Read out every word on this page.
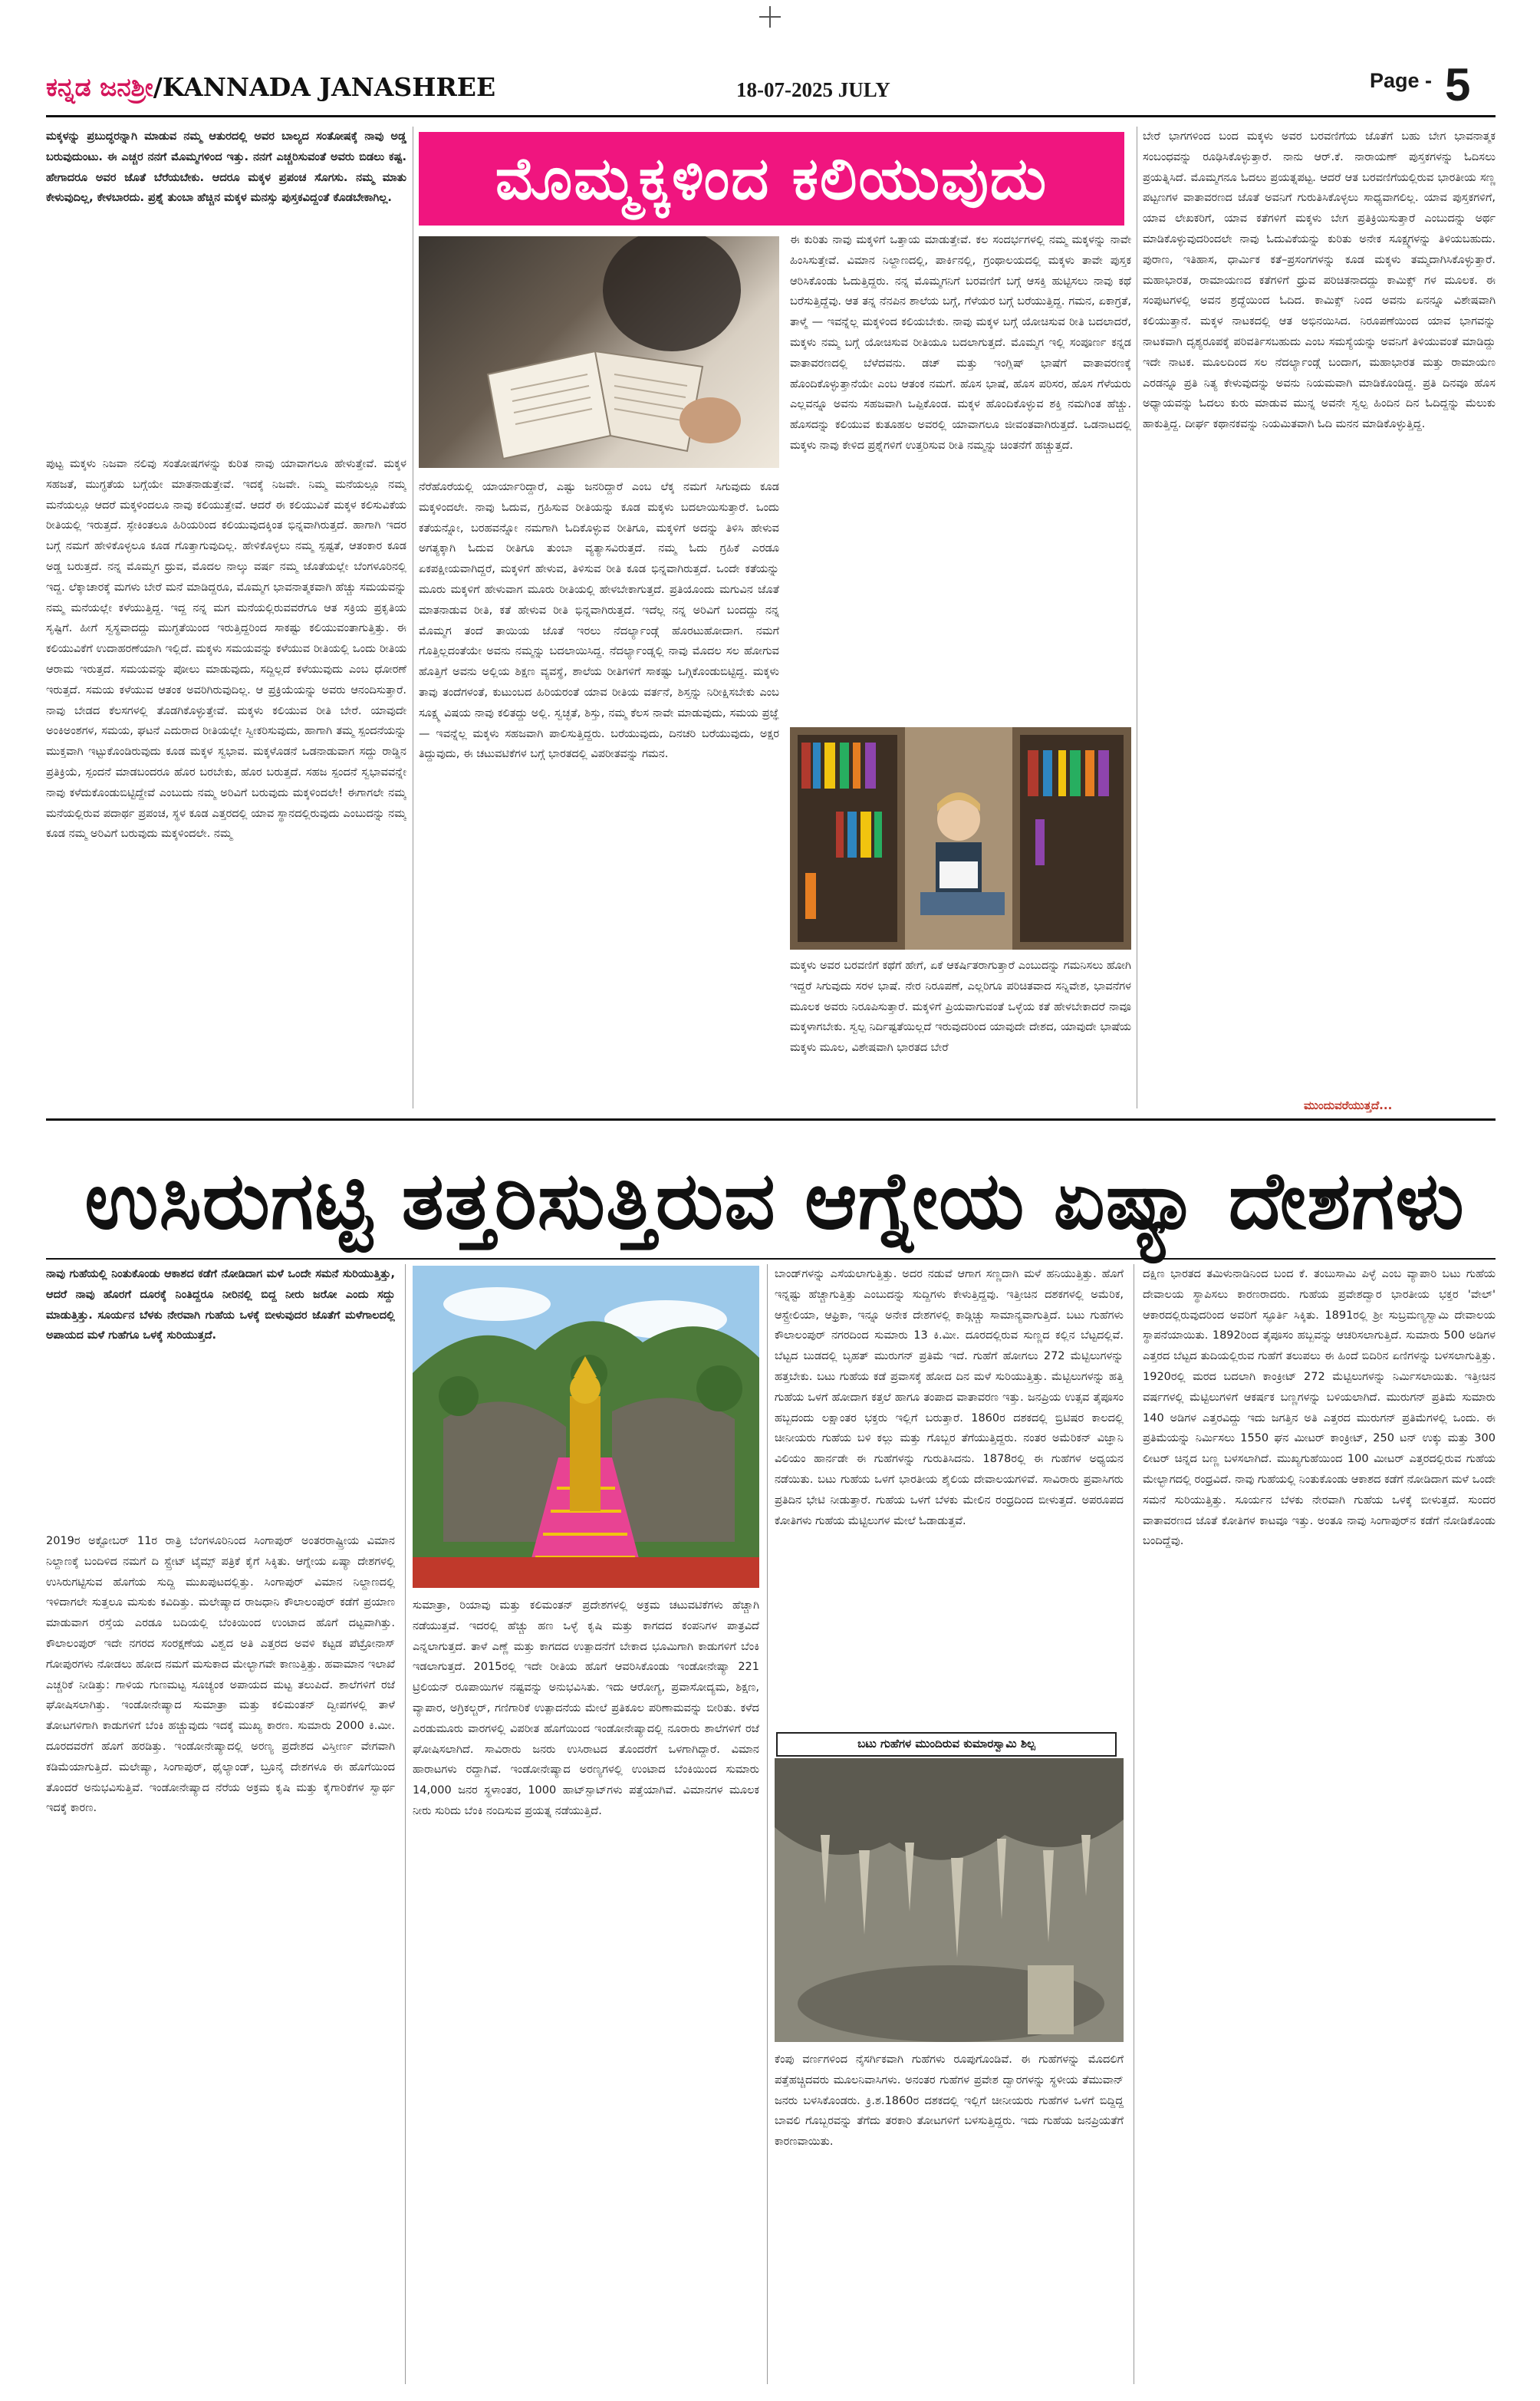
ಕನ್ನಡ ಜನಶ್ರೀ/KANNADA JANASHREE	18-07-2025 JULY	Page - 5
ಮೊಮ್ಮಕ್ಕಳಿಂದ ಕಲಿಯುವುದು
ಮಕ್ಕಳನ್ನು ಪ್ರಬುದ್ಧರನ್ನಾಗಿ ಮಾಡುವ ನಮ್ಮ ಆತುರದಲ್ಲಿ ಅವರ ಬಾಲ್ಯದ ಸಂತೋಷಕ್ಕೆ ನಾವು ಅಡ್ಡ ಬರುವುದುಂಟು. ಈ ಎಚ್ಚರ ನನಗೆ ಮೊಮ್ಮಗಳಿಂದ ಇತ್ತು. ನನಗೆ ಎಚ್ಚರಿಸುವಂತೆ ಅವರು ಬಿಡಲು ಕಷ್ಟ. ಹೇಗಾದರೂ ಅವರ ಜೊತೆ ಬೆರೆಯಬೇಕು. ಆದರೂ ಮಕ್ಕಳ ಪ್ರಪಂಚ ಸೊಗಸು. ನಮ್ಮ ಮಾತು ಕೇಳುವುದಿಲ್ಲ, ಕೇಳಬಾರದು. ಪ್ರಶ್ನೆ ತುಂಬಾ ಹೆಚ್ಚಿನ ಮಕ್ಕಳ ಮನಸ್ಸು ಪುಸ್ತಕವಿದ್ದಂತೆ ಕೊಡಬೇಕಾಗಿಲ್ಲ.
ಪುಟ್ಟ ಮಕ್ಕಳು ನಿಜವಾ ನಲಿವು ಸಂತೋಷಗಳನ್ನು ಕುರಿತ ನಾವು ಯಾವಾಗಲೂ ಹೇಳುತ್ತೇವೆ. ಮಕ್ಕಳ ಸಹಜತೆ, ಮುಗ್ಧತೆಯ ಬಗ್ಗೆಯೇ ಮಾತನಾಡುತ್ತೇವೆ. ಇದಕ್ಕೆ ನಿಜವೇ. ನಿಮ್ಮ ಮನೆಯಲ್ಲೂ ನಮ್ಮ ಮನೆಯಲ್ಲೂ ಆದರೆ ಮಕ್ಕಳಿಂದಲೂ ನಾವು ಕಲಿಯುತ್ತೇವೆ. ಆದರೆ ಈ ಕಲಿಯುವಿಕೆ ಮಕ್ಕಳ ಕಲಿಸುವಿಕೆಯ ರೀತಿಯಲ್ಲಿ ಇರುತ್ತದೆ. ಸ್ಫೇಕಿಂತಲೂ ಹಿರಿಯರಿಂದ ಕಲಿಯುವುದಕ್ಕಿಂತ ಭಿನ್ನವಾಗಿರುತ್ತದೆ. ಹಾಗಾಗಿ ಇದರ ಬಗ್ಗೆ ನಮಗೆ ಹೇಳಿಕೊಳ್ಳಲೂ ಕೂಡ ಗೊತ್ತಾಗುವುದಿಲ್ಲ. ಹೇಳಿಕೊಳ್ಳಲು ನಮ್ಮ ಸ್ಪಷ್ಟತೆ, ಆತಂಕಾರ ಕೂಡ ಅಡ್ಡ ಬರುತ್ತದೆ. ನನ್ನ ಮೊಮ್ಮಗ ಧ್ರುವ, ಮೊದಲ ನಾಲ್ಕು ವರ್ಷ ನಮ್ಮ ಜೊತೆಯಲ್ಲೇ ಬೆಂಗಳೂರಿನಲ್ಲಿ ಇದ್ದ. ಲೆಕ್ಕಾಚಾರಕ್ಕೆ ಮಗಳು ಬೇರೆ ಮನೆ ಮಾಡಿದ್ದರೂ, ಮೊಮ್ಮಗ ಭಾವನಾತ್ಮಕವಾಗಿ ಹೆಚ್ಚು ಸಮಯವನ್ನು ನಮ್ಮ ಮನೆಯಲ್ಲೇ ಕಳೆಯುತ್ತಿದ್ದ. ಇದ್ದ ನನ್ನ ಮಗ ಮನೆಯಲ್ಲಿರುವವರೆಗೂ ಆತ ಸಕ್ರಿಯ ಪ್ರಕೃತಿಯ ಸೃಷ್ಟಿಗೆ. ಹೀಗೆ ಸ್ವಸ್ಥವಾದದ್ದು ಮುಗ್ಧತೆಯಿಂದ ಇರುತ್ತಿದ್ದರಿಂದ ಸಾಕಷ್ಟು ಕಲಿಯುವಂತಾಗುತ್ತಿತ್ತು. ಈ ಕಲಿಯುವಿಕೆಗೆ ಉದಾಹರಣೆಯಾಗಿ ಇಲ್ಲಿದೆ. ಮಕ್ಕಳು ಸಮಯವನ್ನು ಕಳೆಯುವ ರೀತಿಯಲ್ಲಿ ಒಂದು ರೀತಿಯ ಆರಾಮ ಇರುತ್ತದೆ. ಸಮಯವನ್ನು ಪೋಲು ಮಾಡುವುದು, ಸದ್ದಿಲ್ಲದೆ ಕಳೆಯುವುದು ಎಂಬ ಧೋರಣೆ ಇರುತ್ತದೆ. ಸಮಯ ಕಳೆಯುವ ಆತಂಕ ಅವರಿಗಿರುವುದಿಲ್ಲ. ಆ ಪ್ರಕ್ರಿಯೆಯನ್ನು ಅವರು ಆನಂದಿಸುತ್ತಾರೆ. ನಾವು ಬೇಡದ ಕೆಲಸಗಳಲ್ಲಿ ತೊಡಗಿಕೊಳ್ಳುತ್ತೇವೆ. ಮಕ್ಕಳು ಕಲಿಯುವ ರೀತಿ ಬೇರೆ. ಯಾವುದೇ ಅಂಕಿಅಂಶಗಳ, ಸಮಯ, ಘಟನೆ ಎದುರಾದ ರೀತಿಯಲ್ಲೇ ಸ್ವೀಕರಿಸುವುದು, ಹಾಗಾಗಿ ತಮ್ಮ ಸ್ಪಂದನೆಯನ್ನು ಮುಕ್ತವಾಗಿ ಇಟ್ಟುಕೊಂಡಿರುವುದು ಕೂಡ ಮಕ್ಕಳ ಸ್ವಭಾವ. ಮಕ್ಕಳೊಡನೆ ಒಡನಾಡುವಾಗ ಸದ್ದು ರಾಡ್ಡಿನ ಪ್ರತಿಕ್ರಿಯೆ, ಸ್ಪಂದನೆ ಮಾಡಬಂದರೂ ಹೊರ ಬರಬೇಕು, ಹೊರ ಬರುತ್ತದೆ. ಸಹಜ ಸ್ಪಂದನೆ ಸ್ವಭಾವವನ್ನೇ ನಾವು ಕಳೆದುಕೊಂಡುಬಿಟ್ಟಿದ್ದೇವೆ ಎಂಬುದು ನಮ್ಮ ಅರಿವಿಗೆ ಬರುವುದು ಮಕ್ಕಳಿಂದಲೇ! ಈಗಾಗಲೇ ನಮ್ಮ ಮನೆಯಲ್ಲಿರುವ ಪದಾರ್ಥ ಪ್ರಪಂಚ, ಸ್ಥಳ ಕೂಡ ಎತ್ತರದಲ್ಲಿ ಯಾವ ಸ್ಥಾನದಲ್ಲಿರುವುದು ಎಂಬುದನ್ನು ನಮ್ಮ ಕೂಡ ನಮ್ಮ ಅರಿವಿಗೆ ಬರುವುದು ಮಕ್ಕಳಿಂದಲೇ. ನಮ್ಮ
ನೆರೆಹೊರೆಯಲ್ಲಿ ಯಾರ್ಯಾರಿದ್ದಾರೆ, ಎಷ್ಟು ಜನರಿದ್ದಾರೆ ಎಂಬ ಲೆಕ್ಕ ನಮಗೆ ಸಿಗುವುದು ಕೂಡ ಮಕ್ಕಳಿಂದಲೇ. ನಾವು ಓದುವ, ಗ್ರಹಿಸುವ ರೀತಿಯನ್ನು ಕೂಡ ಮಕ್ಕಳು ಬದಲಾಯಿಸುತ್ತಾರೆ. ಒಂದು ಕತೆಯನ್ನೋ, ಬರಹವನ್ನೋ ನಮಗಾಗಿ ಓದಿಕೊಳ್ಳುವ ರೀತಿಗೂ, ಮಕ್ಕಳಿಗೆ ಅದನ್ನು ತಿಳಿಸಿ ಹೇಳುವ ಅಗತ್ಯಕ್ಕಾಗಿ ಓದುವ ರೀತಿಗೂ ತುಂಬಾ ವ್ಯತ್ಯಾಸವಿರುತ್ತದೆ. ನಮ್ಮ ಓದು ಗ್ರಹಿಕೆ ಎರಡೂ ಏಕಪಕ್ಷೀಯವಾಗಿದ್ದರೆ, ಮಕ್ಕಳಿಗೆ ಹೇಳುವ, ತಿಳಿಸುವ ರೀತಿ ಕೂಡ ಭಿನ್ನವಾಗಿರುತ್ತದೆ. ಒಂದೇ ಕತೆಯನ್ನು ಮೂರು ಮಕ್ಕಳಿಗೆ ಹೇಳುವಾಗ ಮೂರು ರೀತಿಯಲ್ಲಿ ಹೇಳಬೇಕಾಗುತ್ತದೆ. ಪ್ರತಿಯೊಂದು ಮಗುವಿನ ಜೊತೆ ಮಾತನಾಡುವ ರೀತಿ, ಕತೆ ಹೇಳುವ ರೀತಿ ಭಿನ್ನವಾಗಿರುತ್ತದೆ. ಇದೆಲ್ಲ ನನ್ನ ಅರಿವಿಗೆ ಬಂದದ್ದು ನನ್ನ ಮೊಮ್ಮಗ ತಂದೆ ತಾಯಿಯ ಜೊತೆ ಇರಲು ನೆದರ್ಲ್ಯಾಂಡ್ಗೆ ಹೊರಟುಹೋದಾಗ. ನಮಗೆ ಗೊತ್ತಿಲ್ಲದಂತೆಯೇ ಅವನು ನಮ್ಮನ್ನು ಬದಲಾಯಿಸಿದ್ದ. ನೆದರ್ಲ್ಯಾಂಡ್ನಲ್ಲಿ ನಾವು ಮೊದಲ ಸಲ ಹೋಗುವ ಹೊತ್ತಿಗೆ ಅವನು ಅಲ್ಲಿಯ ಶಿಕ್ಷಣ ವ್ಯವಸ್ಥೆ, ಶಾಲೆಯ ರೀತಿಗಳಿಗೆ ಸಾಕಷ್ಟು ಒಗ್ಗಿಕೊಂಡುಬಿಟ್ಟಿದ್ದ. ಮಕ್ಕಳು ತಾವು ತಂದೆಗಳಂತೆ, ಕುಟುಂಬದ ಹಿರಿಯರಂತೆ ಯಾವ ರೀತಿಯ ವರ್ತನೆ, ಶಿಸ್ತನ್ನು ನಿರೀಕ್ಷಿಸಬೇಕು ಎಂಬ ಸೂಕ್ಷ್ಮ ವಿಷಯ ನಾವು ಕಲಿತದ್ದು ಅಲ್ಲಿ. ಸ್ವಚ್ಛತೆ, ಶಿಸ್ತು, ನಮ್ಮ ಕೆಲಸ ನಾವೇ ಮಾಡುವುದು, ಸಮಯ ಪ್ರಜ್ಞೆ — ಇವನ್ನೆಲ್ಲ ಮಕ್ಕಳು ಸಹಜವಾಗಿ ಪಾಲಿಸುತ್ತಿದ್ದರು. ಬರೆಯುವುದು, ದಿನಚರಿ ಬರೆಯುವುದು, ಅಕ್ಷರ ತಿದ್ದುವುದು, ಈ ಚಟುವಟಿಕೆಗಳ ಬಗ್ಗೆ ಭಾರತದಲ್ಲಿ ವಿಪರೀತವನ್ನು ಗಮನ.
ಈ ಕುರಿತು ನಾವು ಮಕ್ಕಳಿಗೆ ಒತ್ತಾಯ ಮಾಡುತ್ತೇವೆ. ಕಲ ಸಂದರ್ಭಗಳಲ್ಲಿ ನಮ್ಮ ಮಕ್ಕಳನ್ನು ನಾವೇ ಹಿಂಸಿಸುತ್ತೇವೆ. ವಿಮಾನ ನಿಲ್ದಾಣದಲ್ಲಿ, ಪಾರ್ಕಿನಲ್ಲಿ, ಗ್ರಂಥಾಲಯದಲ್ಲಿ ಮಕ್ಕಳು ತಾವೇ ಪುಸ್ತಕ ಆರಿಸಿಕೊಂಡು ಓದುತ್ತಿದ್ದರು. ನನ್ನ ಮೊಮ್ಮಗನಿಗೆ ಬರವಣಿಗೆ ಬಗ್ಗೆ ಆಸಕ್ತಿ ಹುಟ್ಟಿಸಲು ನಾವು ಕಥೆ ಬರೆಸುತ್ತಿದ್ದೆವು. ಆತ ತನ್ನ ನೆನಪಿನ ಶಾಲೆಯ ಬಗ್ಗೆ, ಗೆಳೆಯರ ಬಗ್ಗೆ ಬರೆಯುತ್ತಿದ್ದ. ಗಮನ, ಏಕಾಗ್ರತೆ, ತಾಳ್ಮೆ — ಇವನ್ನೆಲ್ಲ ಮಕ್ಕಳಿಂದ ಕಲಿಯಬೇಕು. ನಾವು ಮಕ್ಕಳ ಬಗ್ಗೆ ಯೋಚಿಸುವ ರೀತಿ ಬದಲಾದರೆ, ಮಕ್ಕಳು ನಮ್ಮ ಬಗ್ಗೆ ಯೋಚಿಸುವ ರೀತಿಯೂ ಬದಲಾಗುತ್ತದೆ. ಮೊಮ್ಮಗ ಇಲ್ಲಿ ಸಂಪೂರ್ಣ ಕನ್ನಡ ವಾತಾವರಣದಲ್ಲಿ ಬೆಳೆದವನು. ಡಚ್ ಮತ್ತು ಇಂಗ್ಲಿಷ್ ಭಾಷೆಗೆ ವಾತಾವರಣಕ್ಕೆ ಹೊಂದಿಕೊಳ್ಳುತ್ತಾನೆಯೇ ಎಂಬ ಆತಂಕ ನಮಗೆ. ಹೊಸ ಭಾಷೆ, ಹೊಸ ಪರಿಸರ, ಹೊಸ ಗೆಳೆಯರು ಎಲ್ಲವನ್ನೂ ಅವನು ಸಹಜವಾಗಿ ಒಪ್ಪಿಕೊಂಡ. ಮಕ್ಕಳ ಹೊಂದಿಕೊಳ್ಳುವ ಶಕ್ತಿ ನಮಗಿಂತ ಹೆಚ್ಚು. ಹೊಸದನ್ನು ಕಲಿಯುವ ಕುತೂಹಲ ಅವರಲ್ಲಿ ಯಾವಾಗಲೂ ಜೀವಂತವಾಗಿರುತ್ತದೆ. ಒಡನಾಟದಲ್ಲಿ ಮಕ್ಕಳು ನಾವು ಕೇಳಿದ ಪ್ರಶ್ನೆಗಳಿಗೆ ಉತ್ತರಿಸುವ ರೀತಿ ನಮ್ಮನ್ನು ಚಿಂತನೆಗೆ ಹಚ್ಚುತ್ತದೆ.
ಮಕ್ಕಳು ಅವರ ಬರವಣಿಗೆ ಕಥೆಗೆ ಹೇಗೆ, ಏಕೆ ಆಕರ್ಷಿತರಾಗುತ್ತಾರೆ ಎಂಬುದನ್ನು ಗಮನಿಸಲು ಹೋಗಿ ಇದ್ದರೆ ಸಿಗುವುದು ಸರಳ ಭಾಷೆ. ನೇರ ನಿರೂಪಣೆ, ಎಲ್ಲರಿಗೂ ಪರಿಚಿತವಾದ ಸನ್ನಿವೇಶ, ಭಾವನೆಗಳ ಮೂಲಕ ಅವರು ನಿರೂಪಿಸುತ್ತಾರೆ. ಮಕ್ಕಳಿಗೆ ಪ್ರಿಯವಾಗುವಂತೆ ಒಳ್ಳೆಯ ಕತೆ ಹೇಳಬೇಕಾದರೆ ನಾವೂ ಮಕ್ಕಳಾಗಬೇಕು. ಸ್ವಲ್ಪ ನಿರ್ದಿಷ್ಟತೆಯಿಲ್ಲದೆ ಇರುವುದರಿಂದ ಯಾವುದೇ ದೇಶದ, ಯಾವುದೇ ಭಾಷೆಯ ಮಕ್ಕಳು ಮೂಲ, ವಿಶೇಷವಾಗಿ ಭಾರತದ ಬೇರೆ
ಬೇರೆ ಭಾಗಗಳಿಂದ ಬಂದ ಮಕ್ಕಳು ಅವರ ಬರವಣಿಗೆಯ ಜೊತೆಗೆ ಬಹು ಬೇಗ ಭಾವನಾತ್ಮಕ ಸಂಬಂಧವನ್ನು ರೂಢಿಸಿಕೊಳ್ಳುತ್ತಾರೆ. ನಾನು ಆರ್.ಕೆ. ನಾರಾಯಣ್ ಪುಸ್ತಕಗಳನ್ನು ಓದಿಸಲು ಪ್ರಯತ್ನಿಸಿದೆ. ಮೊಮ್ಮಗನೂ ಓದಲು ಪ್ರಯತ್ನಪಟ್ಟ. ಆದರೆ ಆತ ಬರವಣಿಗೆಯಲ್ಲಿರುವ ಭಾರತೀಯ ಸಣ್ಣ ಪಟ್ಟಣಗಳ ವಾತಾವರಣದ ಜೊತೆ ಅವನಿಗೆ ಗುರುತಿಸಿಕೊಳ್ಳಲು ಸಾಧ್ಯವಾಗಲಿಲ್ಲ. ಯಾವ ಪುಸ್ತಕಗಳಿಗೆ, ಯಾವ ಲೇಖಕರಿಗೆ, ಯಾವ ಕತೆಗಳಿಗೆ ಮಕ್ಕಳು ಬೇಗ ಪ್ರತಿಕ್ರಿಯಿಸುತ್ತಾರೆ ಎಂಬುದನ್ನು ಅರ್ಥ ಮಾಡಿಕೊಳ್ಳುವುದರಿಂದಲೇ ನಾವು ಓದುವಿಕೆಯನ್ನು ಕುರಿತು ಅನೇಕ ಸೂಕ್ಷ್ಮಗಳನ್ನು ತಿಳಿಯಬಹುದು. ಪುರಾಣ, ಇತಿಹಾಸ, ಧಾರ್ಮಿಕ ಕತೆ–ಪ್ರಸಂಗಗಳನ್ನು ಕೂಡ ಮಕ್ಕಳು ತಮ್ಮದಾಗಿಸಿಕೊಳ್ಳುತ್ತಾರೆ. ಮಹಾಭಾರತ, ರಾಮಾಯಣದ ಕತೆಗಳಿಗೆ ಧ್ರುವ ಪರಿಚಿತನಾದದ್ದು ಕಾಮಿಕ್ಸ್ ಗಳ ಮೂಲಕ. ಈ ಸಂಪುಟಗಳಲ್ಲಿ ಅವನ ಶ್ರದ್ಧೆಯಿಂದ ಓದಿದ. ಕಾಮಿಕ್ಸ್ ನಿಂದ ಅವನು ಏನನ್ನೂ ವಿಶೇಷವಾಗಿ ಕಲಿಯುತ್ತಾನೆ. ಮಕ್ಕಳ ನಾಟಕದಲ್ಲಿ ಆತ ಅಭಿನಯಿಸಿದ. ನಿರೂಪಣೆಯಿಂದ ಯಾವ ಭಾಗವನ್ನು ನಾಟಕವಾಗಿ ದೃಶ್ಯರೂಪಕ್ಕೆ ಪರಿವರ್ತಿಸಬಹುದು ಎಂಬ ಸಮಸ್ಯೆಯನ್ನು ಅವನಿಗೆ ತಿಳಿಯುವಂತೆ ಮಾಡಿದ್ದು ಇದೇ ನಾಟಕ. ಮೂಲದಿಂದ ಸಲ ನೆದರ್ಲ್ಯಾಂಡ್ಗೆ ಬಂದಾಗ, ಮಹಾಭಾರತ ಮತ್ತು ರಾಮಾಯಣ ಎರಡನ್ನೂ ಪ್ರತಿ ನಿತ್ಯ ಕೇಳುವುದನ್ನು ಅವನು ನಿಯಮವಾಗಿ ಮಾಡಿಕೊಂಡಿದ್ದ. ಪ್ರತಿ ದಿನವೂ ಹೊಸ ಅಧ್ಯಾಯವನ್ನು ಓದಲು ಕುರು ಮಾಡುವ ಮುನ್ನ ಅವನೇ ಸ್ವಲ್ಪ ಹಿಂದಿನ ದಿನ ಓದಿದ್ದನ್ನು ಮೆಲುಕು ಹಾಕುತ್ತಿದ್ದ. ದೀರ್ಘ ಕಥಾನಕವನ್ನು ನಿಯಮಿತವಾಗಿ ಓದಿ ಮನನ ಮಾಡಿಕೊಳ್ಳುತ್ತಿದ್ದ.
ಮುಂದುವರೆಯುತ್ತದೆ...
ಉಸಿರುಗಟ್ಟಿ ತತ್ತರಿಸುತ್ತಿರುವ ಆಗ್ನೇಯ ಏಷ್ಯಾ ದೇಶಗಳು
ನಾವು ಗುಹೆಯಲ್ಲಿ ನಿಂತುಕೊಂಡು ಆಕಾಶದ ಕಡೆಗೆ ನೋಡಿದಾಗ ಮಳೆ ಒಂದೇ ಸಮನೆ ಸುರಿಯುತ್ತಿತ್ತು, ಆದರೆ ನಾವು ಹೊರಗೆ ದೂರಕ್ಕೆ ನಿಂತಿದ್ದರೂ ನೀರಿನಲ್ಲಿ ಬಿದ್ದ ನೀರು ಜರೋ ಎಂದು ಸದ್ದು ಮಾಡುತ್ತಿತ್ತು. ಸೂರ್ಯನ ಬೆಳಕು ನೇರವಾಗಿ ಗುಹೆಯ ಒಳಕ್ಕೆ ಬೀಳುವುದರ ಜೊತೆಗೆ ಮಳೆಗಾಲದಲ್ಲಿ ಅಪಾಯದ ಮಳೆ ಗುಹೆಗೂ ಒಳಕ್ಕೆ ಸುರಿಯುತ್ತದೆ.
2019ರ ಅಕ್ಟೋಬರ್ 11ರ ರಾತ್ರಿ ಬೆಂಗಳೂರಿನಿಂದ ಸಿಂಗಾಪುರ್ ಅಂತರರಾಷ್ಟ್ರೀಯ ವಿಮಾನ ನಿಲ್ದಾಣಕ್ಕೆ ಬಂದಿಳಿದ ನಮಗೆ ದಿ ಸ್ಟ್ರೇಟ್ ಟೈಮ್ಸ್ ಪತ್ರಿಕೆ ಕೈಗೆ ಸಿಕ್ಕಿತು. ಆಗ್ನೇಯ ಏಷ್ಯಾ ದೇಶಗಳಲ್ಲಿ ಉಸಿರುಗಟ್ಟಿಸುವ ಹೊಗೆಯ ಸುದ್ದಿ ಮುಖಪುಟದಲ್ಲಿತ್ತು. ಸಿಂಗಾಪುರ್ ವಿಮಾನ ನಿಲ್ದಾಣದಲ್ಲಿ ಇಳಿದಾಗಲೇ ಸುತ್ತಲೂ ಮಸುಕು ಕವಿದಿತ್ತು. ಮಲೇಷ್ಯಾದ ರಾಜಧಾನಿ ಕೌಲಾಲಂಪುರ್ ಕಡೆಗೆ ಪ್ರಯಾಣ ಮಾಡುವಾಗ ರಸ್ತೆಯ ಎರಡೂ ಬದಿಯಲ್ಲಿ ಬೆಂಕಿಯಿಂದ ಉಂಟಾದ ಹೊಗೆ ದಟ್ಟವಾಗಿತ್ತು. ಕೌಲಾಲಂಪುರ್ ಇದೇ ನಗರದ ಸಂರಕ್ಷಣೆಯ ವಿಶ್ವದ ಅತಿ ಎತ್ತರದ ಅವಳಿ ಕಟ್ಟಡ ಪೆಟ್ರೋನಾಸ್ ಗೋಪುರಗಳು ನೋಡಲು ಹೋದ ನಮಗೆ ಮಸುಕಾದ ಮೇಲ್ಭಾಗವೇ ಕಾಣುತ್ತಿತ್ತು. ಹವಾಮಾನ ಇಲಾಖೆ ಎಚ್ಚರಿಕೆ ನೀಡಿತ್ತು: ಗಾಳಿಯ ಗುಣಮಟ್ಟ ಸೂಚ್ಯಂಕ ಅಪಾಯದ ಮಟ್ಟ ತಲುಪಿದೆ. ಶಾಲೆಗಳಿಗೆ ರಜೆ ಘೋಷಿಸಲಾಗಿತ್ತು. ಇಂಡೋನೇಷ್ಯಾದ ಸುಮಾತ್ರಾ ಮತ್ತು ಕಲಿಮಂತನ್ ದ್ವೀಪಗಳಲ್ಲಿ ತಾಳೆ ತೋಟಗಳಿಗಾಗಿ ಕಾಡುಗಳಿಗೆ ಬೆಂಕಿ ಹಚ್ಚುವುದು ಇದಕ್ಕೆ ಮುಖ್ಯ ಕಾರಣ. ಸುಮಾರು 2000 ಕಿ.ಮೀ. ದೂರದವರೆಗೆ ಹೊಗೆ ಹರಡಿತ್ತು. ಇಂಡೋನೇಷ್ಯಾದಲ್ಲಿ ಅರಣ್ಯ ಪ್ರದೇಶದ ವಿಸ್ತೀರ್ಣ ವೇಗವಾಗಿ ಕಡಿಮೆಯಾಗುತ್ತಿದೆ. ಮಲೇಷ್ಯಾ, ಸಿಂಗಾಪುರ್, ಥೈಲ್ಯಾಂಡ್, ಬ್ರೂನೈ ದೇಶಗಳೂ ಈ ಹೊಗೆಯಿಂದ ತೊಂದರೆ ಅನುಭವಿಸುತ್ತಿವೆ. ಇಂಡೋನೇಷ್ಯಾದ ನೆರೆಯ ಅಕ್ರಮ ಕೃಷಿ ಮತ್ತು ಕೈಗಾರಿಕೆಗಳ ಸ್ವಾರ್ಥ ಇದಕ್ಕೆ ಕಾರಣ.
ಸುಮಾತ್ರಾ, ರಿಯಾವು ಮತ್ತು ಕಲಿಮಂತನ್ ಪ್ರದೇಶಗಳಲ್ಲಿ ಅಕ್ರಮ ಚಟುವಟಿಕೆಗಳು ಹೆಚ್ಚಾಗಿ ನಡೆಯುತ್ತವೆ. ಇದರಲ್ಲಿ ಹೆಚ್ಚು ಹಣ ಒಳ್ಳೆ ಕೃಷಿ ಮತ್ತು ಕಾಗದದ ಕಂಪನಿಗಳ ಪಾತ್ರವಿದೆ ಎನ್ನಲಾಗುತ್ತದೆ. ತಾಳೆ ಎಣ್ಣೆ ಮತ್ತು ಕಾಗದದ ಉತ್ಪಾದನೆಗೆ ಬೇಕಾದ ಭೂಮಿಗಾಗಿ ಕಾಡುಗಳಿಗೆ ಬೆಂಕಿ ಇಡಲಾಗುತ್ತದೆ. 2015ರಲ್ಲಿ ಇದೇ ರೀತಿಯ ಹೊಗೆ ಆವರಿಸಿಕೊಂಡು ಇಂಡೋನೇಷ್ಯಾ 221 ಟ್ರಿಲಿಯನ್ ರೂಪಾಯಿಗಳ ನಷ್ಟವನ್ನು ಅನುಭವಿಸಿತು. ಇದು ಆರೋಗ್ಯ, ಪ್ರವಾಸೋದ್ಯಮ, ಶಿಕ್ಷಣ, ವ್ಯಾಪಾರ, ಅಗ್ರಿಕಲ್ಚರ್, ಗಣಿಗಾರಿಕೆ ಉತ್ಪಾದನೆಯ ಮೇಲೆ ಪ್ರತಿಕೂಲ ಪರಿಣಾಮವನ್ನು ಬೀರಿತು. ಕಳೆದ ಎರಡುಮೂರು ವಾರಗಳಲ್ಲಿ ವಿಪರೀತ ಹೊಗೆಯಿಂದ ಇಂಡೋನೇಷ್ಯಾದಲ್ಲಿ ನೂರಾರು ಶಾಲೆಗಳಿಗೆ ರಜೆ ಘೋಷಿಸಲಾಗಿದೆ. ಸಾವಿರಾರು ಜನರು ಉಸಿರಾಟದ ತೊಂದರೆಗೆ ಒಳಗಾಗಿದ್ದಾರೆ. ವಿಮಾನ ಹಾರಾಟಗಳು ರದ್ದಾಗಿವೆ. ಇಂಡೋನೇಷ್ಯಾದ ಅರಣ್ಯಗಳಲ್ಲಿ ಉಂಟಾದ ಬೆಂಕಿಯಿಂದ ಸುಮಾರು 14,000 ಜನರ ಸ್ಥಳಾಂತರ, 1000 ಹಾಟ್‌ಸ್ಪಾಟ್‌ಗಳು ಪತ್ತೆಯಾಗಿವೆ. ವಿಮಾನಗಳ ಮೂಲಕ ನೀರು ಸುರಿದು ಬೆಂಕಿ ನಂದಿಸುವ ಪ್ರಯತ್ನ ನಡೆಯುತ್ತಿದೆ.
ಬಟು ಗುಹೆಗಳ ಮುಂದಿರುವ ಕುಮಾರಸ್ವಾಮಿ ಶಿಲ್ಪ
ಬಾಂಡ್‌ಗಳನ್ನು ಎಸೆಯಲಾಗುತ್ತಿತ್ತು. ಅದರ ನಡುವೆ ಆಗಾಗ ಸಣ್ಣದಾಗಿ ಮಳೆ ಹನಿಯುತ್ತಿತ್ತು. ಹೊಗೆ ಇನ್ನಷ್ಟು ಹೆಚ್ಚಾಗುತ್ತಿತ್ತು ಎಂಬುದನ್ನು ಸುದ್ದಿಗಳು ಕೇಳುತ್ತಿದ್ದವು. ಇತ್ತೀಚಿನ ದಶಕಗಳಲ್ಲಿ ಅಮೆರಿಕ, ಆಸ್ಟ್ರೇಲಿಯಾ, ಆಫ್ರಿಕಾ, ಇನ್ನೂ ಅನೇಕ ದೇಶಗಳಲ್ಲಿ ಕಾಡ್ಗಿಚ್ಚು ಸಾಮಾನ್ಯವಾಗುತ್ತಿದೆ. ಬಟು ಗುಹೆಗಳು ಕೌಲಾಲಂಪುರ್ ನಗರದಿಂದ ಸುಮಾರು 13 ಕಿ.ಮೀ. ದೂರದಲ್ಲಿರುವ ಸುಣ್ಣದ ಕಲ್ಲಿನ ಬೆಟ್ಟದಲ್ಲಿವೆ. ಬೆಟ್ಟದ ಬುಡದಲ್ಲಿ ಬೃಹತ್ ಮುರುಗನ್ ಪ್ರತಿಮೆ ಇದೆ. ಗುಹೆಗೆ ಹೋಗಲು 272 ಮೆಟ್ಟಿಲುಗಳನ್ನು ಹತ್ತಬೇಕು. ಬಟು ಗುಹೆಯ ಕಡೆ ಪ್ರವಾಸಕ್ಕೆ ಹೋದ ದಿನ ಮಳೆ ಸುರಿಯುತ್ತಿತ್ತು. ಮೆಟ್ಟಿಲುಗಳನ್ನು ಹತ್ತಿ ಗುಹೆಯ ಒಳಗೆ ಹೋದಾಗ ಕತ್ತಲೆ ಹಾಗೂ ತಂಪಾದ ವಾತಾವರಣ ಇತ್ತು. ಜನಪ್ರಿಯ ಉತ್ಸವ ತೈಪೂಸಂ ಹಬ್ಬದಂದು ಲಕ್ಷಾಂತರ ಭಕ್ತರು ಇಲ್ಲಿಗೆ ಬರುತ್ತಾರೆ. 1860ರ ದಶಕದಲ್ಲಿ ಬ್ರಿಟಿಷರ ಕಾಲದಲ್ಲಿ ಚೀನೀಯರು ಗುಹೆಯ ಬಳಿ ಕಲ್ಲು ಮತ್ತು ಗೊಬ್ಬರ ತೆಗೆಯುತ್ತಿದ್ದರು. ನಂತರ ಅಮೆರಿಕನ್ ವಿಜ್ಞಾನಿ ವಿಲಿಯಂ ಹಾರ್ನಡೇ ಈ ಗುಹೆಗಳನ್ನು ಗುರುತಿಸಿದನು. 1878ರಲ್ಲಿ ಈ ಗುಹೆಗಳ ಅಧ್ಯಯನ ನಡೆಯಿತು. ಬಟು ಗುಹೆಯ ಒಳಗೆ ಭಾರತೀಯ ಶೈಲಿಯ ದೇವಾಲಯಗಳಿವೆ. ಸಾವಿರಾರು ಪ್ರವಾಸಿಗರು ಪ್ರತಿದಿನ ಭೇಟಿ ನೀಡುತ್ತಾರೆ. ಗುಹೆಯ ಒಳಗೆ ಬೆಳಕು ಮೇಲಿನ ರಂಧ್ರದಿಂದ ಬೀಳುತ್ತದೆ. ಅಪರೂಪದ ಕೋತಿಗಳು ಗುಹೆಯ ಮೆಟ್ಟಿಲುಗಳ ಮೇಲೆ ಓಡಾಡುತ್ತವೆ.
ಕೆಂಪು ವರ್ಣಗಳಿಂದ ನೈಸರ್ಗಿಕವಾಗಿ ಗುಹೆಗಳು ರೂಪುಗೊಂಡಿವೆ. ಈ ಗುಹೆಗಳನ್ನು ಮೊದಲಿಗೆ ಪತ್ತೆಹಚ್ಚಿದವರು ಮೂಲನಿವಾಸಿಗಳು. ಅನಂತರ ಗುಹೆಗಳ ಪ್ರವೇಶ ದ್ವಾರಗಳನ್ನು ಸ್ಥಳೀಯ ತೆಮುವಾನ್ ಜನರು ಬಳಸಿಕೊಂಡರು. ಕ್ರಿ.ಶ.1860ರ ದಶಕದಲ್ಲಿ ಇಲ್ಲಿಗೆ ಚೀನೀಯರು ಗುಹೆಗಳ ಒಳಗೆ ಬಿದ್ದಿದ್ದ ಬಾವಲಿ ಗೊಬ್ಬರವನ್ನು ತೆಗೆದು ತರಕಾರಿ ತೋಟಗಳಿಗೆ ಬಳಸುತ್ತಿದ್ದರು. ಇದು ಗುಹೆಯ ಜನಪ್ರಿಯತೆಗೆ ಕಾರಣವಾಯಿತು.
ದಕ್ಷಿಣ ಭಾರತದ ತಮಿಳುನಾಡಿನಿಂದ ಬಂದ ಕೆ. ತಂಬುಸಾಮಿ ಪಿಳ್ಳೆ ಎಂಬ ವ್ಯಾಪಾರಿ ಬಟು ಗುಹೆಯ ದೇವಾಲಯ ಸ್ಥಾಪಿಸಲು ಕಾರಣರಾದರು. ಗುಹೆಯ ಪ್ರವೇಶದ್ವಾರ ಭಾರತೀಯ ಭಕ್ತರ 'ವೇಲ್' ಆಕಾರದಲ್ಲಿರುವುದರಿಂದ ಅವರಿಗೆ ಸ್ಫೂರ್ತಿ ಸಿಕ್ಕಿತು. 1891ರಲ್ಲಿ ಶ್ರೀ ಸುಬ್ರಮಣ್ಯಸ್ವಾಮಿ ದೇವಾಲಯ ಸ್ಥಾಪನೆಯಾಯಿತು. 1892ರಿಂದ ತೈಪೂಸಂ ಹಬ್ಬವನ್ನು ಆಚರಿಸಲಾಗುತ್ತಿದೆ. ಸುಮಾರು 500 ಅಡಿಗಳ ಎತ್ತರದ ಬೆಟ್ಟದ ತುದಿಯಲ್ಲಿರುವ ಗುಹೆಗೆ ತಲುಪಲು ಈ ಹಿಂದೆ ಬಿದಿರಿನ ಏಣಿಗಳನ್ನು ಬಳಸಲಾಗುತ್ತಿತ್ತು. 1920ರಲ್ಲಿ ಮರದ ಬದಲಾಗಿ ಕಾಂಕ್ರೀಟ್ 272 ಮೆಟ್ಟಿಲುಗಳನ್ನು ನಿರ್ಮಿಸಲಾಯಿತು. ಇತ್ತೀಚಿನ ವರ್ಷಗಳಲ್ಲಿ ಮೆಟ್ಟಿಲುಗಳಿಗೆ ಆಕರ್ಷಕ ಬಣ್ಣಗಳನ್ನು ಬಳಿಯಲಾಗಿದೆ. ಮುರುಗನ್ ಪ್ರತಿಮೆ ಸುಮಾರು 140 ಅಡಿಗಳ ಎತ್ತರವಿದ್ದು ಇದು ಜಗತ್ತಿನ ಅತಿ ಎತ್ತರದ ಮುರುಗನ್ ಪ್ರತಿಮೆಗಳಲ್ಲಿ ಒಂದು. ಈ ಪ್ರತಿಮೆಯನ್ನು ನಿರ್ಮಿಸಲು 1550 ಘನ ಮೀಟರ್ ಕಾಂಕ್ರೀಟ್, 250 ಟನ್ ಉಕ್ಕು ಮತ್ತು 300 ಲೀಟರ್ ಚಿನ್ನದ ಬಣ್ಣ ಬಳಸಲಾಗಿದೆ. ಮುಖ್ಯಗುಹೆಯಿಂದ 100 ಮೀಟರ್ ಎತ್ತರದಲ್ಲಿರುವ ಗುಹೆಯ ಮೇಲ್ಭಾಗದಲ್ಲಿ ರಂಧ್ರವಿದೆ. ನಾವು ಗುಹೆಯಲ್ಲಿ ನಿಂತುಕೊಂಡು ಆಕಾಶದ ಕಡೆಗೆ ನೋಡಿದಾಗ ಮಳೆ ಒಂದೇ ಸಮನೆ ಸುರಿಯುತ್ತಿತ್ತು. ಸೂರ್ಯನ ಬೆಳಕು ನೇರವಾಗಿ ಗುಹೆಯ ಒಳಕ್ಕೆ ಬೀಳುತ್ತದೆ. ಸುಂದರ ವಾತಾವರಣದ ಜೊತೆ ಕೋತಿಗಳ ಕಾಟವೂ ಇತ್ತು. ಅಂತೂ ನಾವು ಸಿಂಗಾಪುರ್‌ನ ಕಡೆಗೆ ನೋಡಿಕೊಂಡು ಬಂದಿದ್ದೆವು.
